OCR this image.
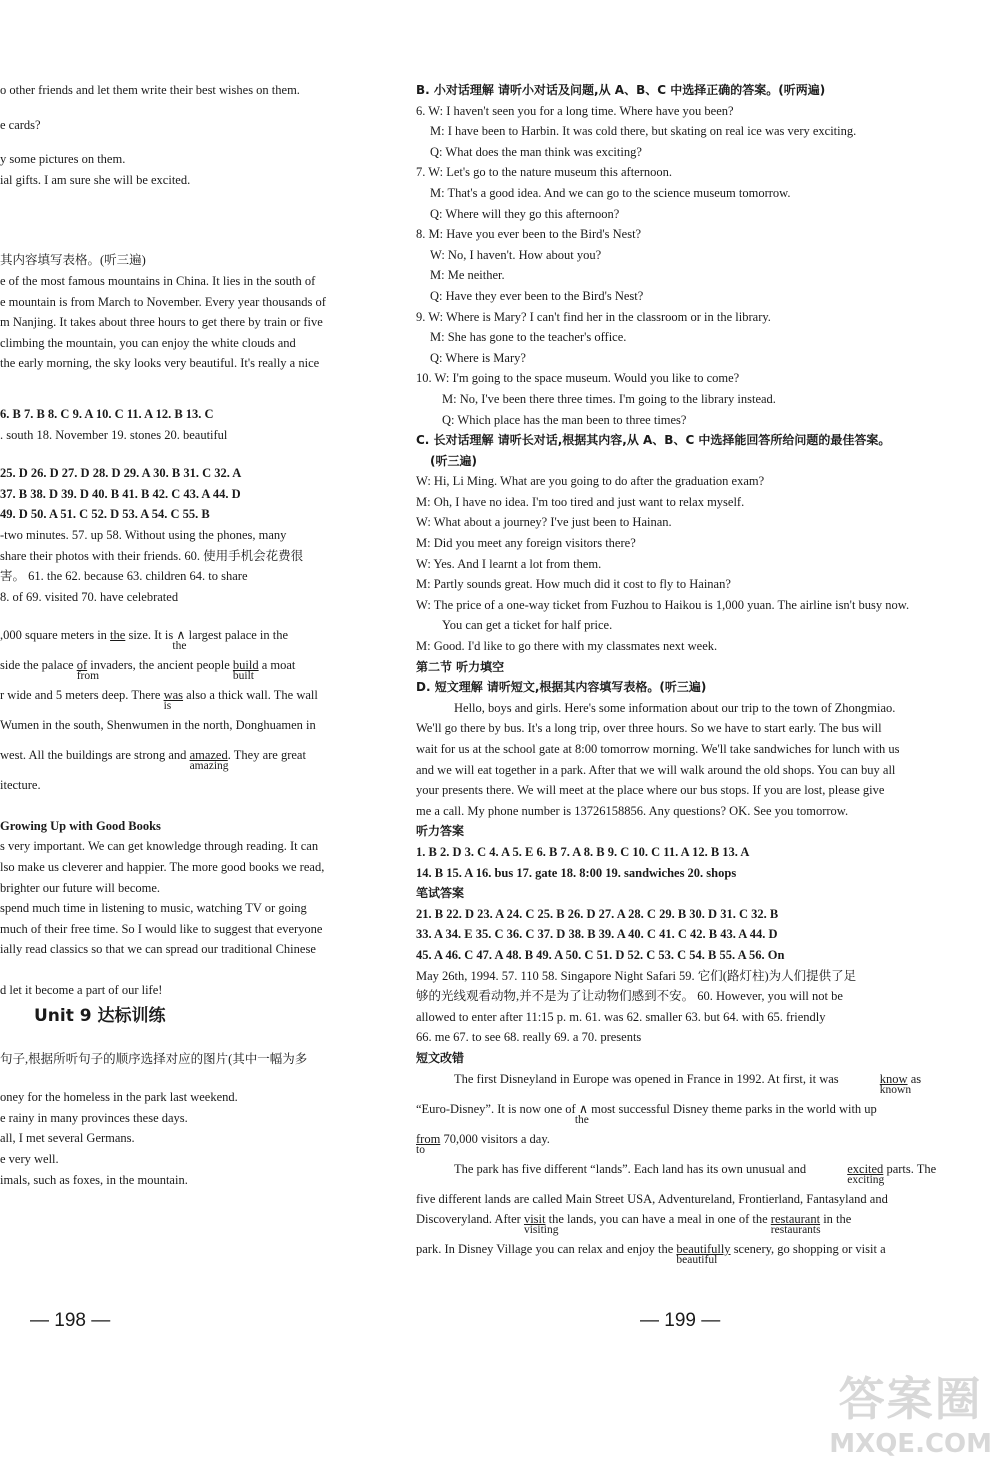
o other friends and let them write their best wishes on them.
e cards?
y some pictures on them.
ial gifts. I am sure she will be excited.
其内容填写表格。(听三遍)
e of the most famous mountains in China. It lies in the south of
e mountain is from March to November. Every year thousands of
m Nanjing. It takes about three hours to get there by train or five
climbing the mountain, you can enjoy the white clouds and
the early morning, the sky looks very beautiful. It's really a nice
6. B 7. B 8. C 9. A 10. C 11. A 12. B 13. C
. south 18. November 19. stones 20. beautiful
25. D 26. D 27. D 28. D 29. A 30. B 31. C 32. A
37. B 38. D 39. D 40. B 41. B 42. C 43. A 44. D
49. D 50. A 51. C 52. D 53. A 54. C 55. B
-two minutes. 57. up 58. Without using the phones, many
share their photos with their friends. 60. 使用手机会花费很
害。 61. the 62. because 63. children 64. to share
8. of 69. visited 70. have celebrated
,000 square meters in the size. It is ∧
the
largest palace in the
side the palace of
from
invaders, the ancient people build
built
a moat
r wide and 5 meters deep. There was
is
also a thick wall. The wall
Wumen in the south, Shenwumen in the north, Donghuamen in
west. All the buildings are strong and amazed
amazing
. They are great
itecture.
Growing Up with Good Books
s very important. We can get knowledge through reading. It can
lso make us cleverer and happier. The more good books we read,
brighter our future will become.
spend much time in listening to music, watching TV or going
much of their free time. So I would like to suggest that everyone
ially read classics so that we can spread our traditional Chinese
d let it become a part of our life!
Unit 9 达标训练
句子,根据所听句子的顺序选择对应的图片(其中一幅为多
oney for the homeless in the park last weekend.
e rainy in many provinces these days.
all, I met several Germans.
e very well.
imals, such as foxes, in the mountain.
B. 小对话理解 请听小对话及问题,从 A、B、C 中选择正确的答案。(听两遍)
6. W: I haven't seen you for a long time. Where have you been?
M: I have been to Harbin. It was cold there, but skating on real ice was very exciting.
Q: What does the man think was exciting?
7. W: Let's go to the nature museum this afternoon.
M: That's a good idea. And we can go to the science museum tomorrow.
Q: Where will they go this afternoon?
8. M: Have you ever been to the Bird's Nest?
W: No, I haven't. How about you?
M: Me neither.
Q: Have they ever been to the Bird's Nest?
9. W: Where is Mary? I can't find her in the classroom or in the library.
M: She has gone to the teacher's office.
Q: Where is Mary?
10. W: I'm going to the space museum. Would you like to come?
M: No, I've been there three times. I'm going to the library instead.
Q: Which place has the man been to three times?
C. 长对话理解 请听长对话,根据其内容,从 A、B、C 中选择能回答所给问题的最佳答案。
(听三遍)
W: Hi, Li Ming. What are you going to do after the graduation exam?
M: Oh, I have no idea. I'm too tired and just want to relax myself.
W: What about a journey? I've just been to Hainan.
M: Did you meet any foreign visitors there?
W: Yes. And I learnt a lot from them.
M: Partly sounds great. How much did it cost to fly to Hainan?
W: The price of a one-way ticket from Fuzhou to Haikou is 1,000 yuan. The airline isn't busy now.
You can get a ticket for half price.
M: Good. I'd like to go there with my classmates next week.
第二节 听力填空
D. 短文理解 请听短文,根据其内容填写表格。(听三遍)
Hello, boys and girls. Here's some information about our trip to the town of Zhongmiao.
We'll go there by bus. It's a long trip, over three hours. So we have to start early. The bus will
wait for us at the school gate at 8:00 tomorrow morning. We'll take sandwiches for lunch with us
and we will eat together in a park. After that we will walk around the old shops. You can buy all
your presents there. We will meet at the place where our bus stops. If you are lost, please give
me a call. My phone number is 13726158856. Any questions? OK. See you tomorrow.
听力答案
1. B 2. D 3. C 4. A 5. E 6. B 7. A 8. B 9. C 10. C 11. A 12. B 13. A
14. B 15. A 16. bus 17. gate 18. 8:00 19. sandwiches 20. shops
笔试答案
21. B 22. D 23. A 24. C 25. B 26. D 27. A 28. C 29. B 30. D 31. C 32. B
33. A 34. E 35. C 36. C 37. D 38. B 39. A 40. C 41. C 42. B 43. A 44. D
45. A 46. C 47. A 48. B 49. A 50. C 51. D 52. C 53. C 54. B 55. A 56. On
May 26th, 1994. 57. 110 58. Singapore Night Safari 59. 它们(路灯柱)为人们提供了足
够的光线观看动物,并不是为了让动物们感到不安。 60. However, you will not be
allowed to enter after 11:15 p. m. 61. was 62. smaller 63. but 64. with 65. friendly
66. me 67. to see 68. really 69. a 70. presents
短文改错
The first Disneyland in Europe was opened in France in 1992. At first, it was	know
known
as
“Euro-Disney”. It is now one of ∧
the
most successful Disney theme parks in the world with up
from
to
70,000 visitors a day.
The park has five different “lands”. Each land has its own unusual and	excited
exciting
parts. The
five different lands are called Main Street USA, Adventureland, Frontierland, Fantasyland and
Discoveryland. After visit
visiting
the lands, you can have a meal in one of the restaurant
restaurants
in the
park. In Disney Village you can relax and enjoy the beautifully
beautiful
scenery, go shopping or visit a
— 198 —	— 199 —
答案圈
MXQE.COM
